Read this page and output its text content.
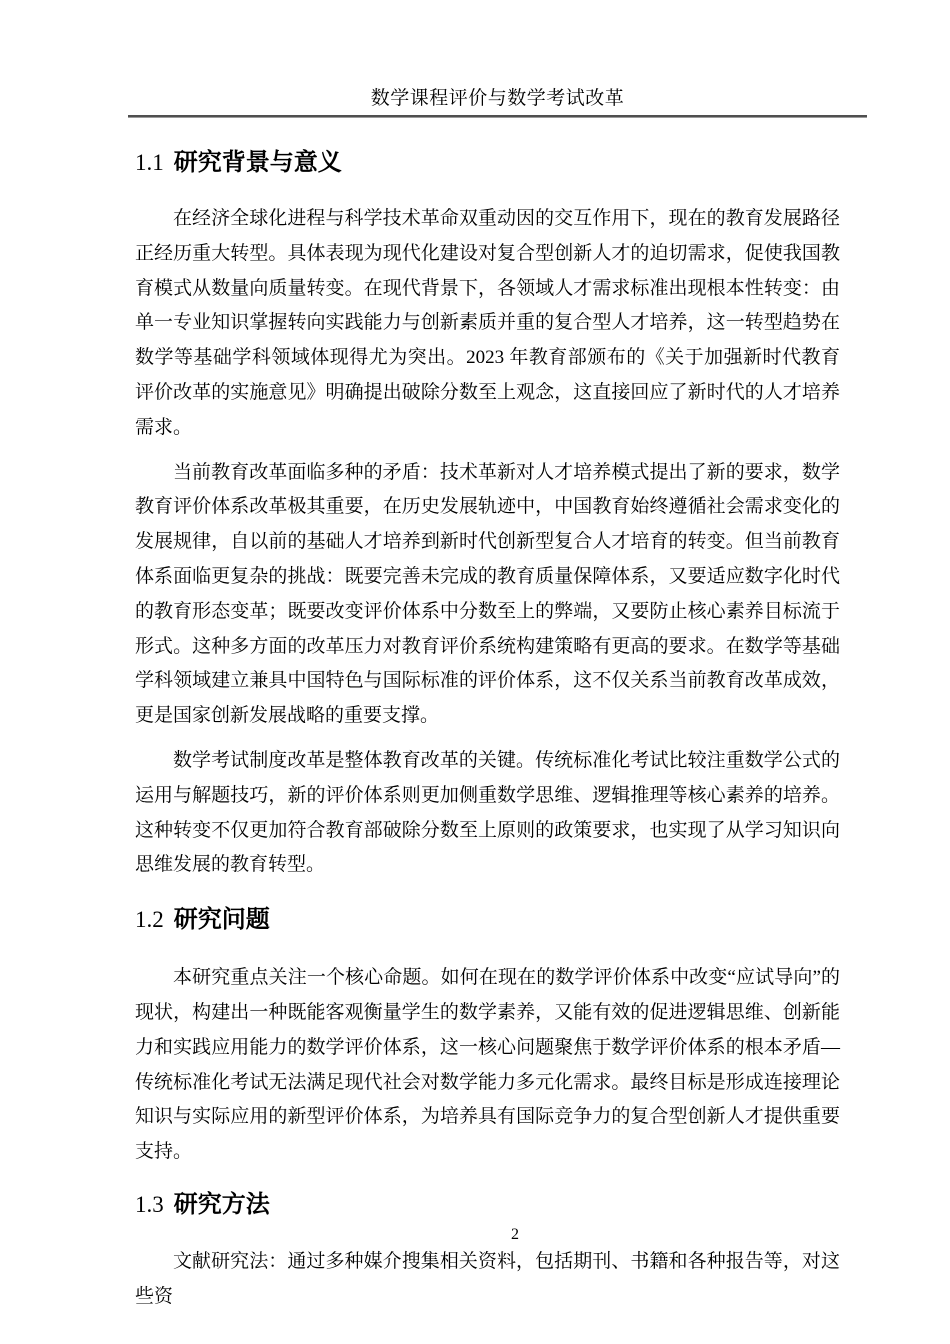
数学课程评价与数学考试改革
1.1 研究背景与意义

在经济全球化进程与科学技术革命双重动因的交互作用下，现在的教育发展路径正经历重大转型。具体表现为现代化建设对复合型创新人才的迫切需求，促使我国教育模式从数量向质量转变。在现代背景下，各领域人才需求标准出现根本性转变：由单一专业知识掌握转向实践能力与创新素质并重的复合型人才培养，这一转型趋势在数学等基础学科领域体现得尤为突出。2023 年教育部颁布的《关于加强新时代教育评价改革的实施意见》明确提出破除分数至上观念，这直接回应了新时代的人才培养需求。

当前教育改革面临多种的矛盾：技术革新对人才培养模式提出了新的要求，数学教育评价体系改革极其重要，在历史发展轨迹中，中国教育始终遵循社会需求变化的发展规律，自以前的基础人才培养到新时代创新型复合人才培育的转变。但当前教育体系面临更复杂的挑战：既要完善未完成的教育质量保障体系，又要适应数字化时代的教育形态变革；既要改变评价体系中分数至上的弊端，又要防止核心素养目标流于形式。这种多方面的改革压力对教育评价系统构建策略有更高的要求。在数学等基础学科领域建立兼具中国特色与国际标准的评价体系，这不仅关系当前教育改革成效，更是国家创新发展战略的重要支撑。

数学考试制度改革是整体教育改革的关键。传统标准化考试比较注重数学公式的运用与解题技巧，新的评价体系则更加侧重数学思维、逻辑推理等核心素养的培养。这种转变不仅更加符合教育部破除分数至上原则的政策要求，也实现了从学习知识向思维发展的教育转型。

1.2 研究问题

本研究重点关注一个核心命题。如何在现在的数学评价体系中改变“应试导向”的现状，构建出一种既能客观衡量学生的数学素养，又能有效的促进逻辑思维、创新能力和实践应用能力的数学评价体系，这一核心问题聚焦于数学评价体系的根本矛盾—传统标准化考试无法满足现代社会对数学能力多元化需求。最终目标是形成连接理论知识与实际应用的新型评价体系，为培养具有国际竞争力的复合型创新人才提供重要支持。

1.3 研究方法

文献研究法：通过多种媒介搜集相关资料，包括期刊、书籍和各种报告等，对这些资

2
